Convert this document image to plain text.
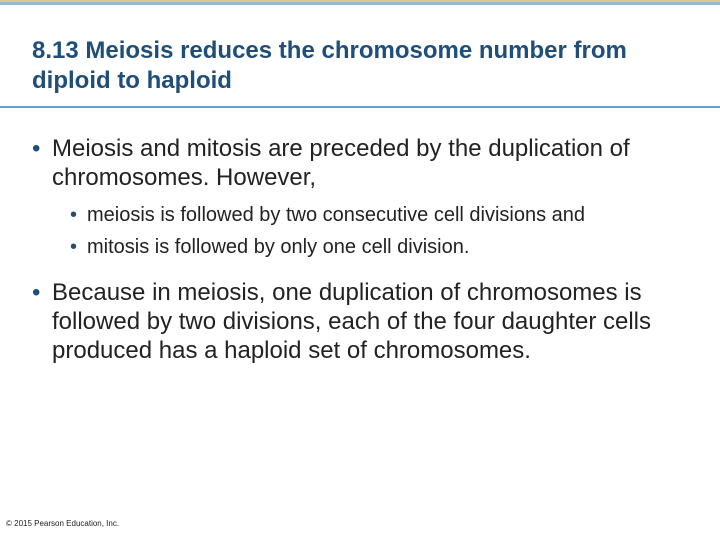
8.13 Meiosis reduces the chromosome number from diploid to haploid
• Meiosis and mitosis are preceded by the duplication of chromosomes. However,
• meiosis is followed by two consecutive cell divisions and
• mitosis is followed by only one cell division.
• Because in meiosis, one duplication of chromosomes is followed by two divisions, each of the four daughter cells produced has a haploid set of chromosomes.
© 2015 Pearson Education, Inc.
